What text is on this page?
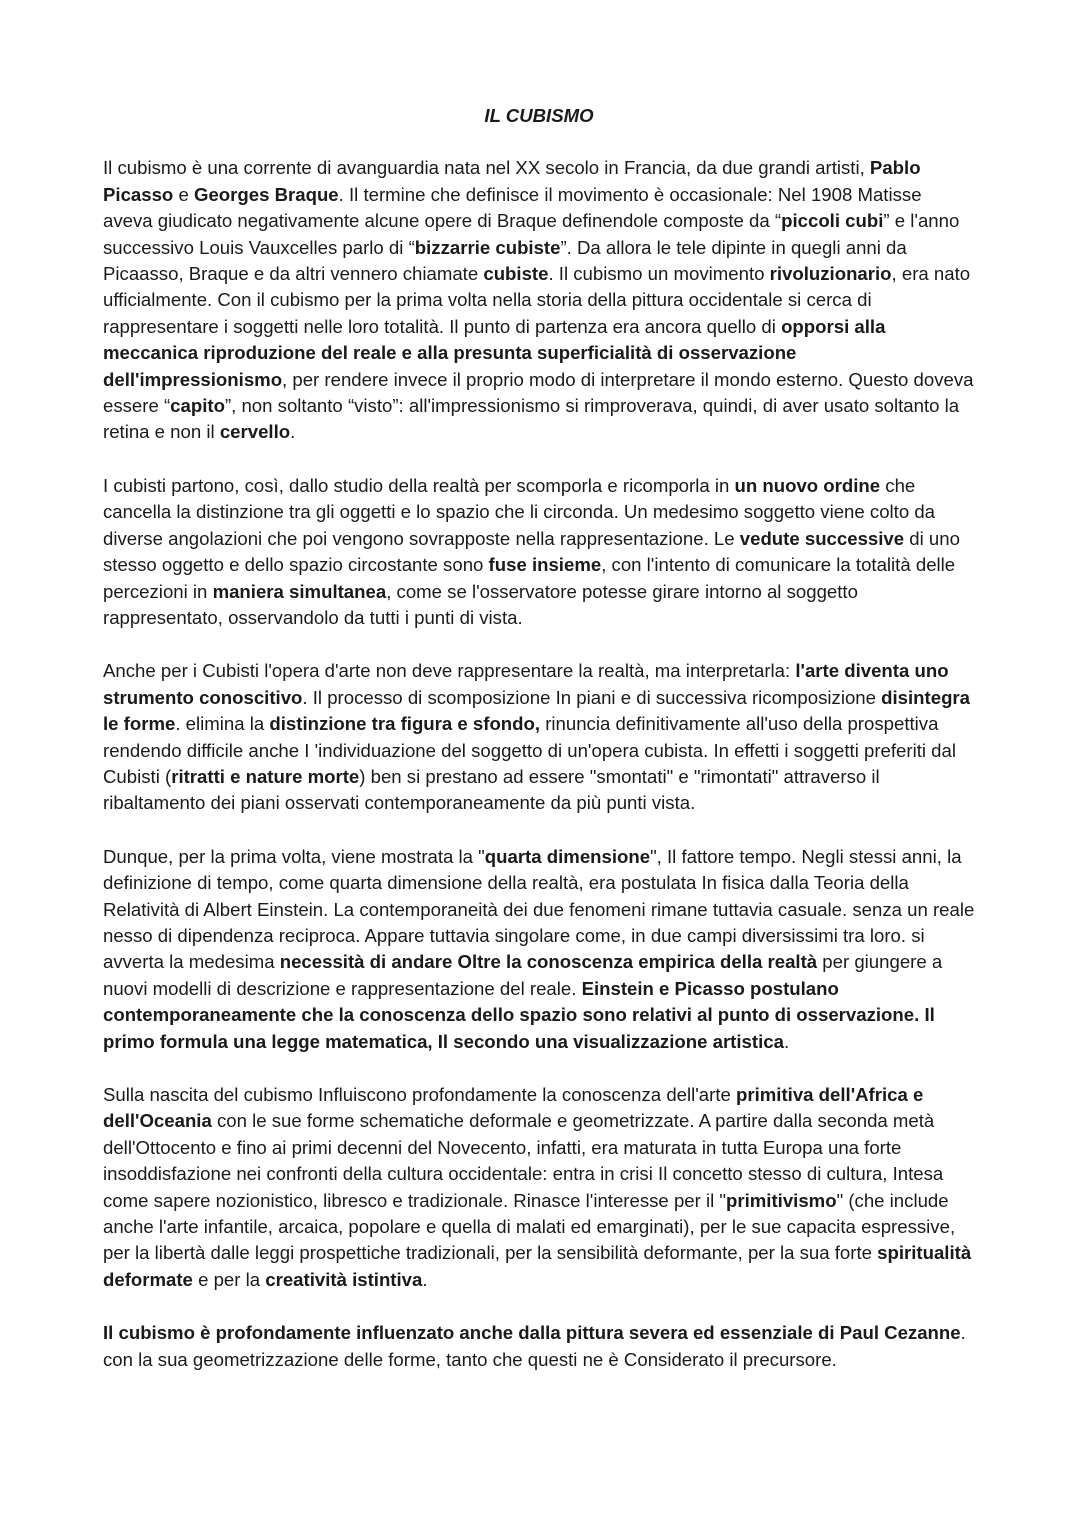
IL CUBISMO
Il cubismo è una corrente di avanguardia nata nel XX secolo in Francia, da due grandi artisti, Pablo Picasso e Georges Braque. Il termine che definisce il movimento è occasionale: Nel 1908 Matisse aveva giudicato negativamente alcune opere di Braque definendole composte da “piccoli cubi” e l'anno successivo Louis Vauxcelles parlo di “bizzarrie cubiste”. Da allora le tele dipinte in quegli anni da Picaasso, Braque e da altri vennero chiamate cubiste. Il cubismo un movimento rivoluzionario, era nato ufficialmente. Con il cubismo per la prima volta nella storia della pittura occidentale si cerca di rappresentare i soggetti nelle loro totalità. Il punto di partenza era ancora quello di opporsi alla meccanica riproduzione del reale e alla presunta superficialità di osservazione dell'impressionismo, per rendere invece il proprio modo di interpretare il mondo esterno. Questo doveva essere “capito”, non soltanto “visto”: all'impressionismo si rimproverava, quindi, di aver usato soltanto la retina e non il cervello.
I cubisti partono, così, dallo studio della realtà per scomporla e ricomporla in un nuovo ordine che cancella la distinzione tra gli oggetti e lo spazio che li circonda. Un medesimo soggetto viene colto da diverse angolazioni che poi vengono sovrapposte nella rappresentazione. Le vedute successive di uno stesso oggetto e dello spazio circostante sono fuse insieme, con l'intento di comunicare la totalità delle percezioni in maniera simultanea, come se l'osservatore potesse girare intorno al soggetto rappresentato, osservandolo da tutti i punti di vista.
Anche per i Cubisti l'opera d'arte non deve rappresentare la realtà, ma interpretarla: l'arte diventa uno strumento conoscitivo. Il processo di scomposizione In piani e di successiva ricomposizione disintegra le forme. elimina la distinzione tra figura e sfondo, rinuncia definitivamente all'uso della prospettiva rendendo difficile anche I 'individuazione del soggetto di un'opera cubista. In effetti i soggetti preferiti dal Cubisti (ritratti e nature morte) ben si prestano ad essere "smontati" e "rimontati" attraverso il ribaltamento dei piani osservati contemporaneamente da più punti vista.
Dunque, per la prima volta, viene mostrata la "quarta dimensione", Il fattore tempo. Negli stessi anni, la definizione di tempo, come quarta dimensione della realtà, era postulata In fisica dalla Teoria della Relatività di Albert Einstein. La contemporaneità dei due fenomeni rimane tuttavia casuale. senza un reale nesso di dipendenza reciproca. Appare tuttavia singolare come, in due campi diversissimi tra loro. si avverta la medesima necessità di andare Oltre la conoscenza empirica della realtà per giungere a nuovi modelli di descrizione e rappresentazione del reale. Einstein e Picasso postulano contemporaneamente che la conoscenza dello spazio sono relativi al punto di osservazione. Il primo formula una legge matematica, Il secondo una visualizzazione artistica.
Sulla nascita del cubismo Influiscono profondamente la conoscenza dell'arte primitiva dell'Africa e dell'Oceania con le sue forme schematiche deformale e geometrizzate. A partire dalla seconda metà dell'Ottocento e fino ai primi decenni del Novecento, infatti, era maturata in tutta Europa una forte insoddisfazione nei confronti della cultura occidentale: entra in crisi Il concetto stesso di cultura, Intesa come sapere nozionistico, libresco e tradizionale. Rinasce l'interesse per il "primitivismo" (che include anche l'arte infantile, arcaica, popolare e quella di malati ed emarginati), per le sue capacita espressive, per la libertà dalle leggi prospettiche tradizionali, per la sensibilità deformante, per la sua forte spiritualità deformate e per la creatività istintiva.
Il cubismo è profondamente influenzato anche dalla pittura severa ed essenziale di Paul Cezanne. con la sua geometrizzazione delle forme, tanto che questi ne è Considerato il precursore.
